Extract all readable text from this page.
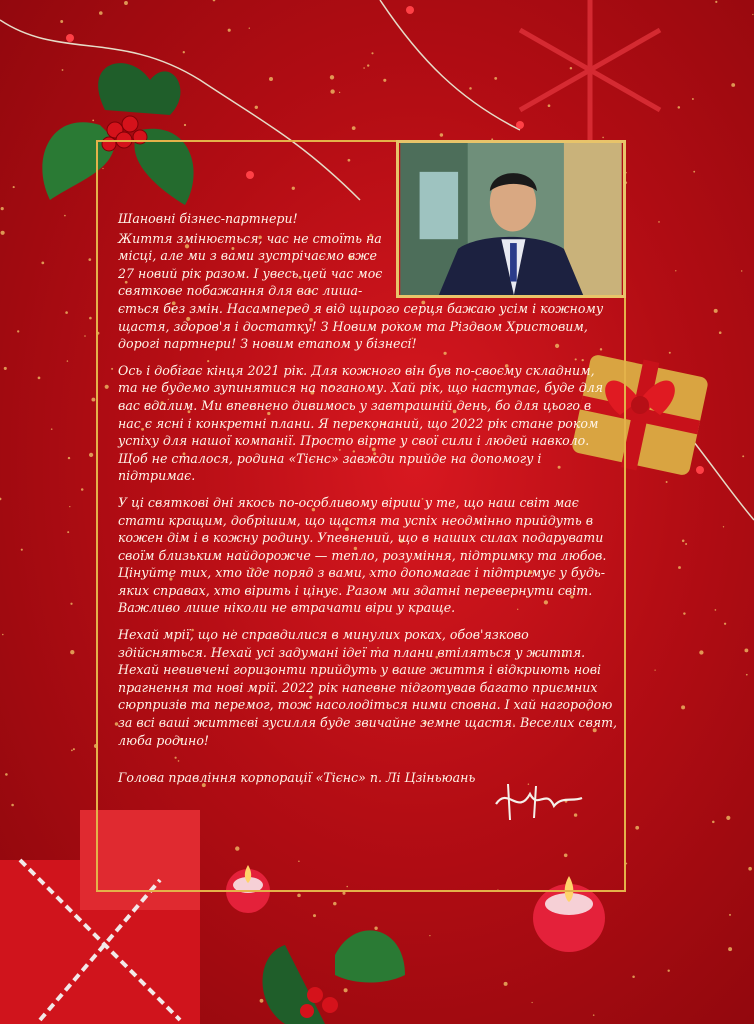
Шановні бізнес-партнери!

Життя змінюється, час не стоїть на

місці, але ми з вами зустрічаємо вже

27 новий рік разом. І увесь цей час моє

святкове побажання для вас лиша-

ється без змін. Насамперед я від щирого серця бажаю усім і кожному щастя, здоров'я і достатку! З Новим роком та Різдвом Христовим, дорогі партнери! З новим етапом у бізнесі!

Ось і добігає кінця 2021 рік. Для кожного він був по-своєму складним, та не будемо зупинятися на поганому. Хай рік, що наступає, буде для вас вдалим. Ми впевнено дивимось у завтрашній день, бо для цього в нас є ясні і конкретні плани. Я переконаний, що 2022 рік стане роком успіху для нашої компанії. Просто вірте у свої сили і людей навколо. Щоб не сталося, родина «Тієнс» завжди прийде на допомогу і підтримає.

У ці святкові дні якось по-особливому віриш у те, що наш світ має стати кращим, добрішим, що щастя та успіх неодмінно прийдуть в кожен дім і в кожну родину. Упевнений, що в наших силах подарувати своїм близьким найдорожче — тепло, розуміння, підтримку та любов. Цінуйте тих, хто йде поряд з вами, хто допомагає і підтримує у будь-яких справах, хто вірить і цінує. Разом ми здатні перевернути світ. Важливо лише ніколи не втрачати віри у краще.

Нехай мрії, що не справдилися в минулих роках, обов'язково здійсняться. Нехай усі задумані ідеї та плани втіляться у життя. Нехай невивчені горизонти прийдуть у ваше життя і відкриють нові прагнення та нові мрії. 2022 рік напевне підготував багато приємних сюрпризів та перемог, тож насолодіться ними сповна. І хай нагородою за всі ваші життєві зусилля буде звичайне земне щастя. Веселих свят, люба родино!

Голова правління корпорації «Тієнс» п. Лі Цзіньюань
